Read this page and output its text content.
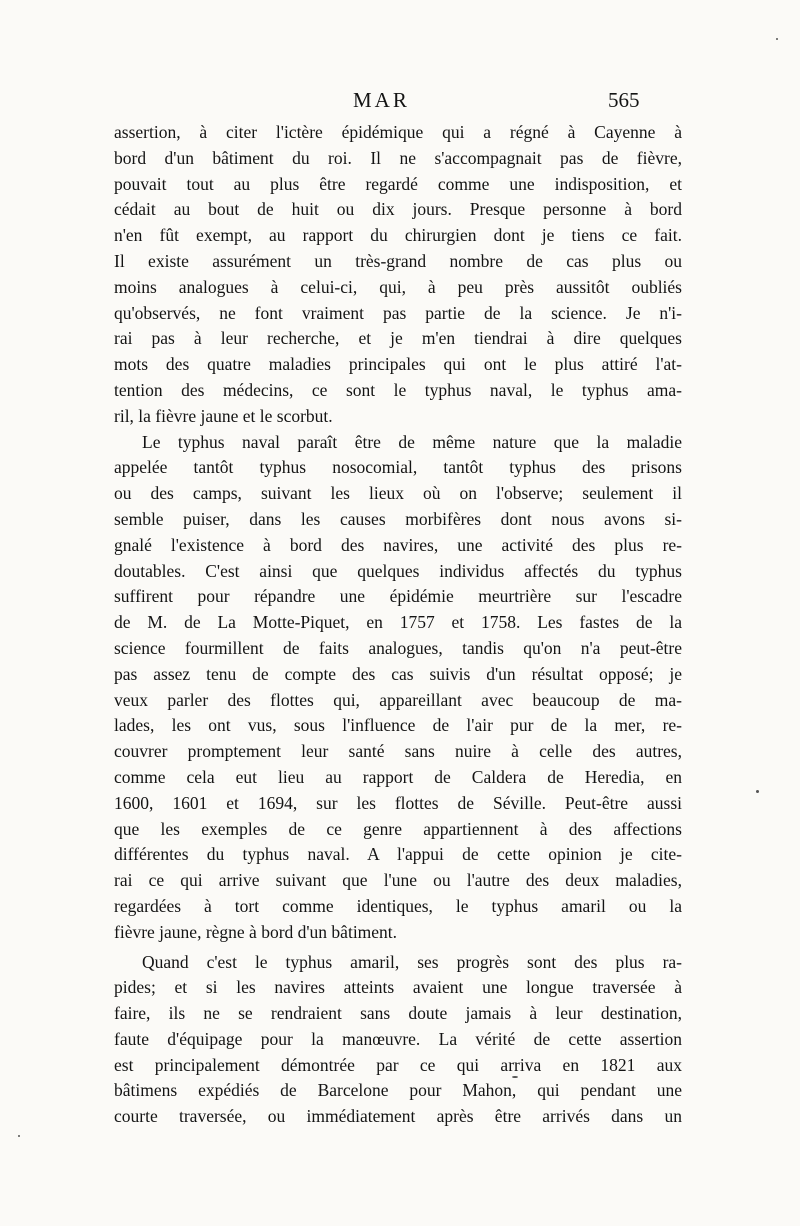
MAR	565
assertion, à citer l'ictère épidémique qui a régné à Cayenne à
bord d'un bâtiment du roi. Il ne s'accompagnait pas de fièvre,
pouvait tout au plus être regardé comme une indisposition, et
cédait au bout de huit ou dix jours. Presque personne à bord
n'en fût exempt, au rapport du chirurgien dont je tiens ce fait.
Il existe assurément un très-grand nombre de cas plus ou
moins analogues à celui-ci, qui, à peu près aussitôt oubliés
qu'observés, ne font vraiment pas partie de la science. Je n'i-
rai pas à leur recherche, et je m'en tiendrai à dire quelques
mots des quatre maladies principales qui ont le plus attiré l'at-
tention des médecins, ce sont le typhus naval, le typhus ama-
ril, la fièvre jaune et le scorbut.
Le typhus naval paraît être de même nature que la maladie
appelée tantôt typhus nosocomial, tantôt typhus des prisons
ou des camps, suivant les lieux où on l'observe; seulement il
semble puiser, dans les causes morbifères dont nous avons si-
gnalé l'existence à bord des navires, une activité des plus re-
doutables. C'est ainsi que quelques individus affectés du typhus
suffirent pour répandre une épidémie meurtrière sur l'escadre
de M. de La Motte-Piquet, en 1757 et 1758. Les fastes de la
science fourmillent de faits analogues, tandis qu'on n'a peut-être
pas assez tenu de compte des cas suivis d'un résultat opposé; je
veux parler des flottes qui, appareillant avec beaucoup de ma-
lades, les ont vus, sous l'influence de l'air pur de la mer, re-
couvrer promptement leur santé sans nuire à celle des autres,
comme cela eut lieu au rapport de Caldera de Heredia, en
1600, 1601 et 1694, sur les flottes de Séville. Peut-être aussi
que les exemples de ce genre appartiennent à des affections
différentes du typhus naval. A l'appui de cette opinion je cite-
rai ce qui arrive suivant que l'une ou l'autre des deux maladies,
regardées à tort comme identiques, le typhus amaril ou la
fièvre jaune, règne à bord d'un bâtiment.
Quand c'est le typhus amaril, ses progrès sont des plus ra-
pides; et si les navires atteints avaient une longue traversée à
faire, ils ne se rendraient sans doute jamais à leur destination,
faute d'équipage pour la manœuvre. La vérité de cette assertion
est principalement démontrée par ce qui arriva en 1821 aux
bâtimens expédiés de Barcelone pour Mahon, qui pendant une
courte traversée, ou immédiatement après être arrivés dans un
